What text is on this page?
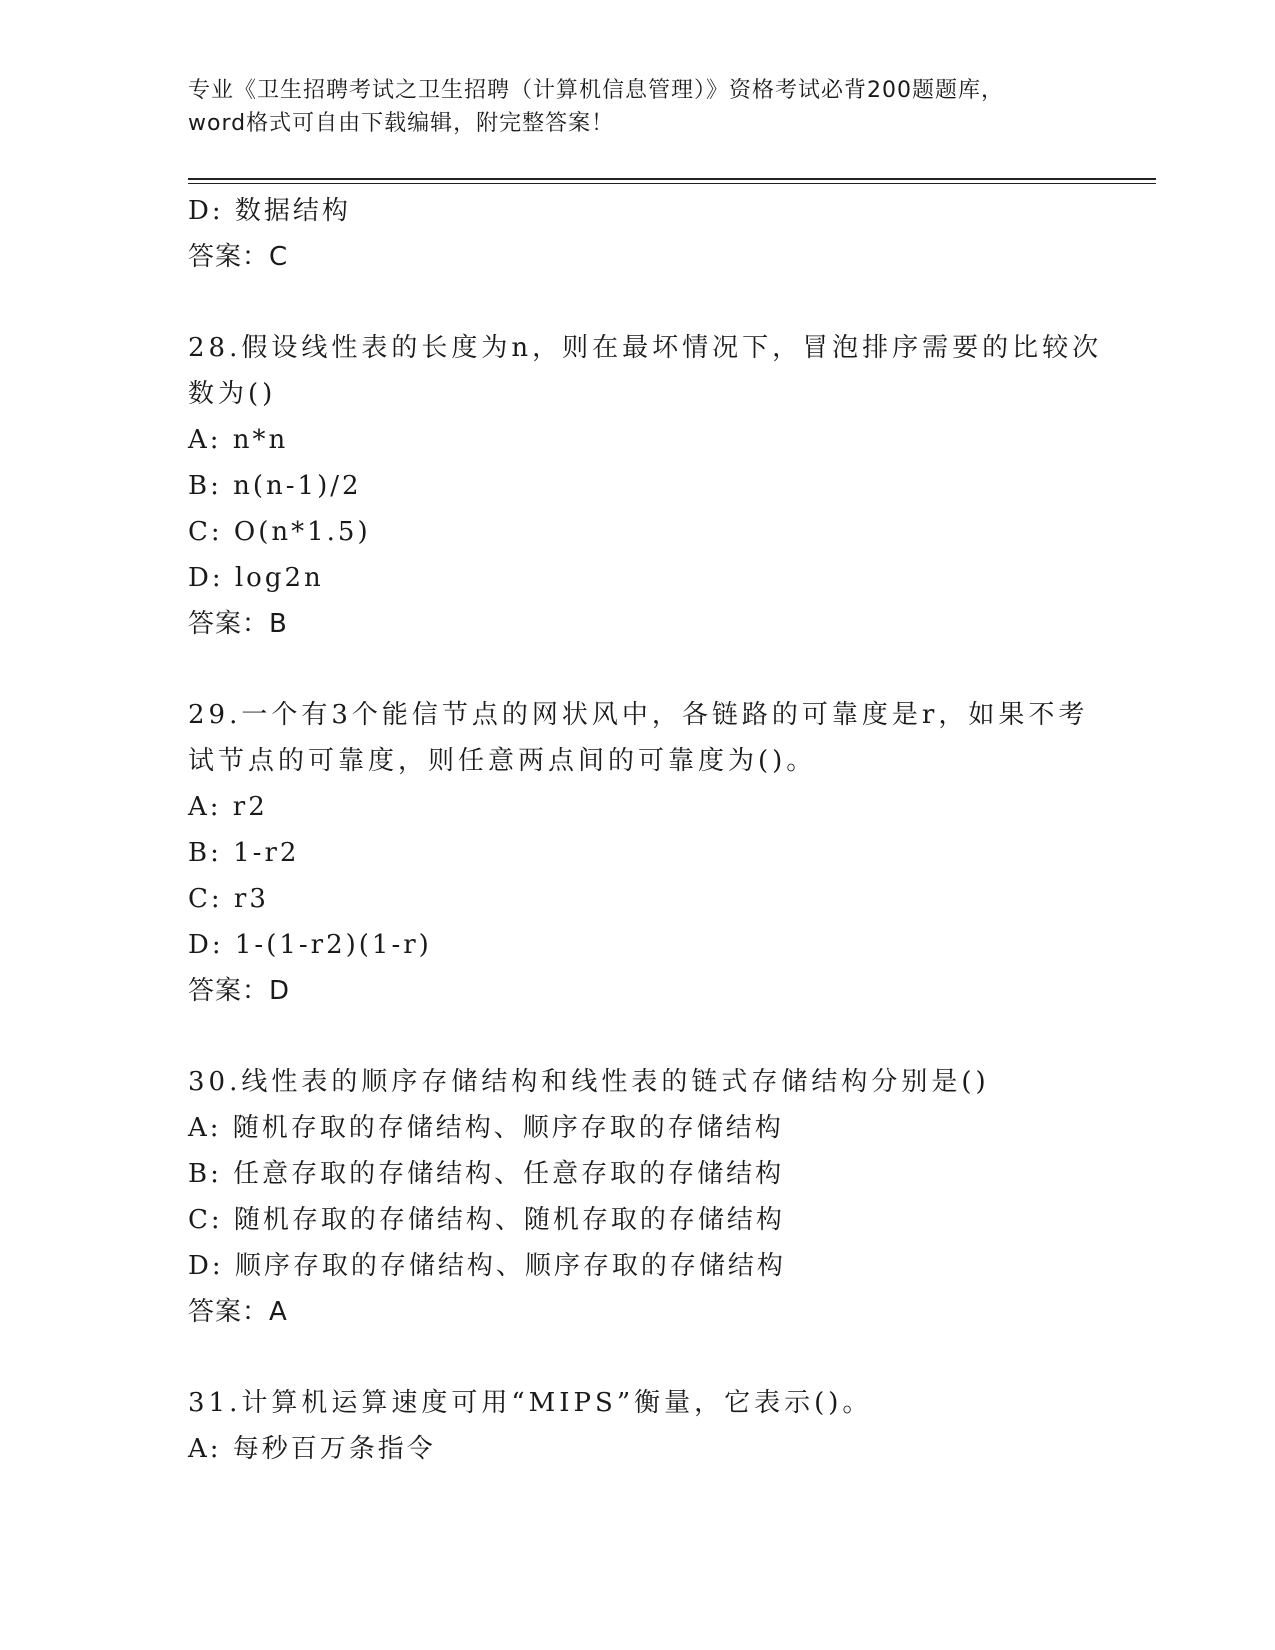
专业《卫生招聘考试之卫生招聘（计算机信息管理）》资格考试必背200题题库，
word格式可自由下载编辑，附完整答案！
D: 数据结构
答案：C
28.假设线性表的长度为n，则在最坏情况下，冒泡排序需要的比较次
数为()
A: n*n
B: n(n-1)/2
C: O(n*1.5)
D: log2n
答案：B
29.一个有3个能信节点的网状风中，各链路的可靠度是r，如果不考
试节点的可靠度，则任意两点间的可靠度为()。
A: r2
B: 1-r2
C: r3
D: 1-(1-r2)(1-r)
答案：D
30.线性表的顺序存储结构和线性表的链式存储结构分别是()
A: 随机存取的存储结构、顺序存取的存储结构
B: 任意存取的存储结构、任意存取的存储结构
C: 随机存取的存储结构、随机存取的存储结构
D: 顺序存取的存储结构、顺序存取的存储结构
答案：A
31.计算机运算速度可用“MIPS”衡量，它表示()。
A: 每秒百万条指令
